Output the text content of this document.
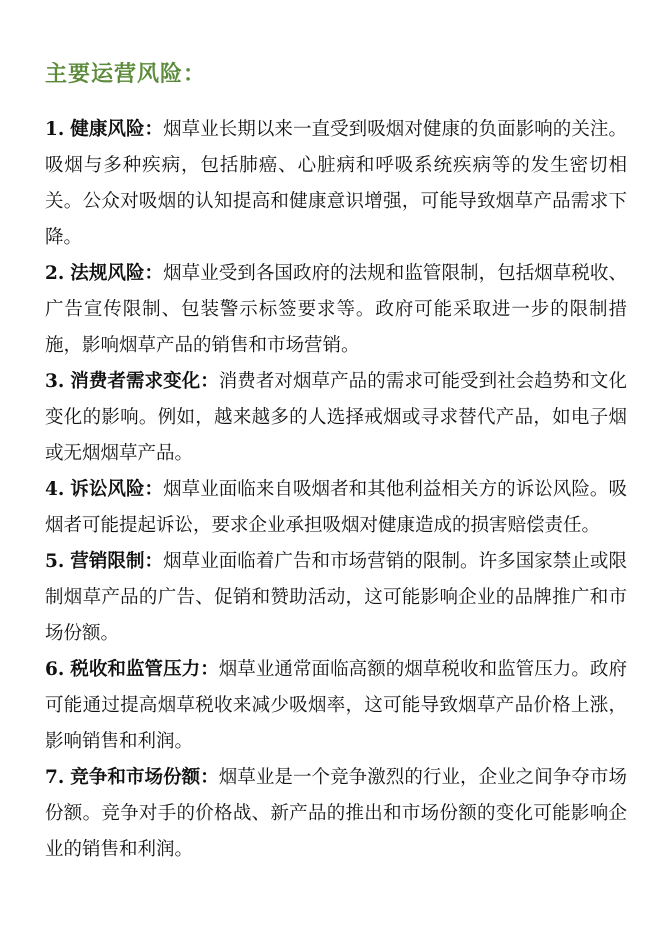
主要运营风险：

1. 健康风险：烟草业长期以来一直受到吸烟对健康的负面影响的关注。吸烟与多种疾病，包括肺癌、心脏病和呼吸系统疾病等的发生密切相关。公众对吸烟的认知提高和健康意识增强，可能导致烟草产品需求下降。

2. 法规风险：烟草业受到各国政府的法规和监管限制，包括烟草税收、广告宣传限制、包装警示标签要求等。政府可能采取进一步的限制措施，影响烟草产品的销售和市场营销。

3. 消费者需求变化：消费者对烟草产品的需求可能受到社会趋势和文化变化的影响。例如，越来越多的人选择戒烟或寻求替代产品，如电子烟或无烟烟草产品。

4. 诉讼风险：烟草业面临来自吸烟者和其他利益相关方的诉讼风险。吸烟者可能提起诉讼，要求企业承担吸烟对健康造成的损害赔偿责任。

5. 营销限制：烟草业面临着广告和市场营销的限制。许多国家禁止或限制烟草产品的广告、促销和赞助活动，这可能影响企业的品牌推广和市场份额。

6. 税收和监管压力：烟草业通常面临高额的烟草税收和监管压力。政府可能通过提高烟草税收来减少吸烟率，这可能导致烟草产品价格上涨，影响销售和利润。

7. 竞争和市场份额：烟草业是一个竞争激烈的行业，企业之间争夺市场份额。竞争对手的价格战、新产品的推出和市场份额的变化可能影响企业的销售和利润。
